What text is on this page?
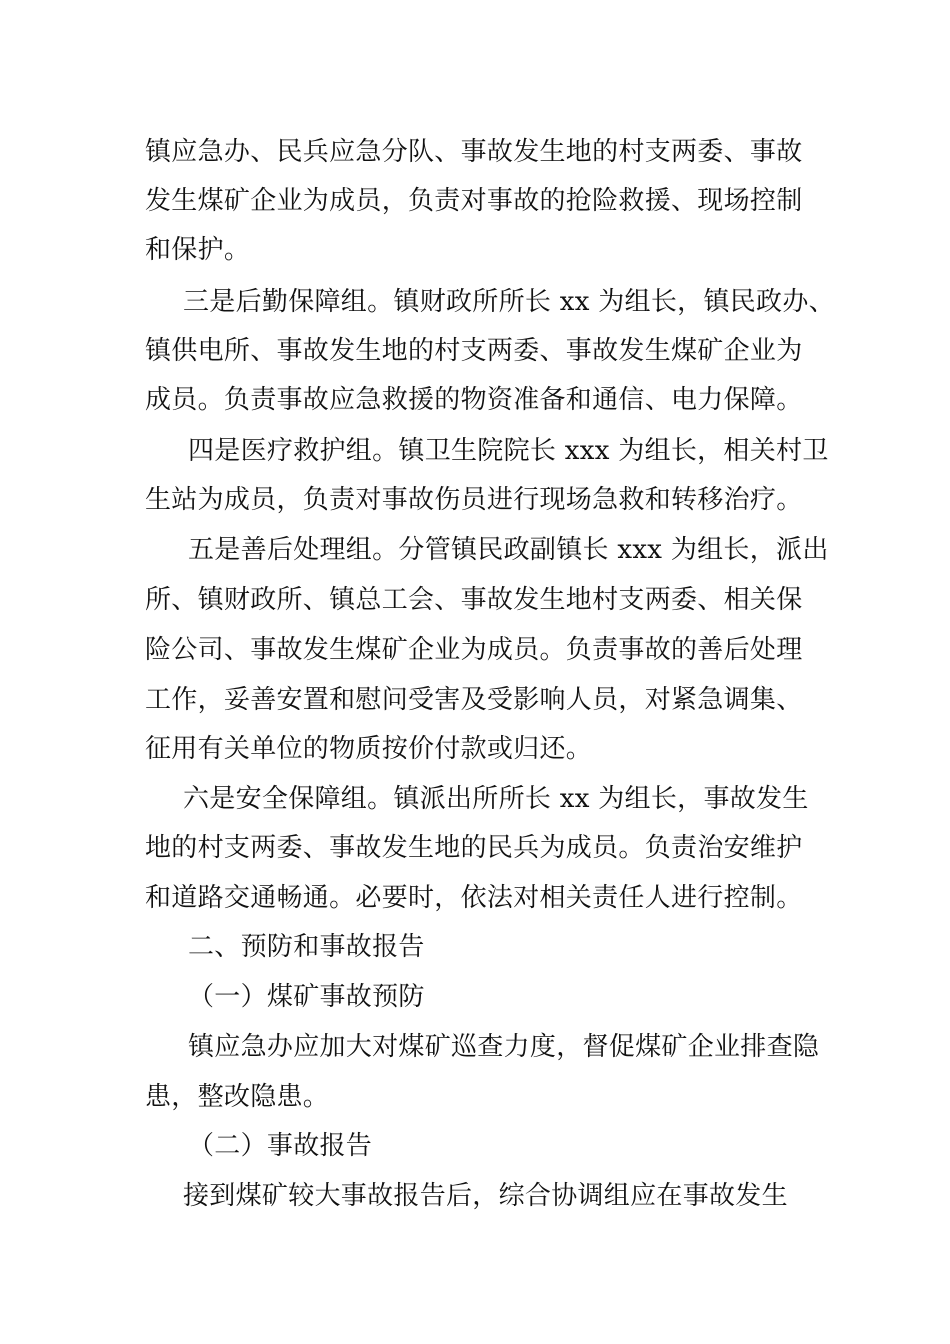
镇应急办、民兵应急分队、事故发生地的村支两委、事故
发生煤矿企业为成员，负责对事故的抢险救援、现场控制
和保护。
三是后勤保障组。镇财政所所长 xx 为组长，镇民政办、
镇供电所、事故发生地的村支两委、事故发生煤矿企业为
成员。负责事故应急救援的物资准备和通信、电力保障。
四是医疗救护组。镇卫生院院长 xxx 为组长，相关村卫
生站为成员，负责对事故伤员进行现场急救和转移治疗。
五是善后处理组。分管镇民政副镇长 xxx 为组长，派出
所、镇财政所、镇总工会、事故发生地村支两委、相关保
险公司、事故发生煤矿企业为成员。负责事故的善后处理
工作，妥善安置和慰问受害及受影响人员，对紧急调集、
征用有关单位的物质按价付款或归还。
六是安全保障组。镇派出所所长 xx 为组长，事故发生
地的村支两委、事故发生地的民兵为成员。负责治安维护
和道路交通畅通。必要时，依法对相关责任人进行控制。
二、预防和事故报告
（一）煤矿事故预防
镇应急办应加大对煤矿巡查力度，督促煤矿企业排查隐
患，整改隐患。
（二）事故报告
接到煤矿较大事故报告后，综合协调组应在事故发生
